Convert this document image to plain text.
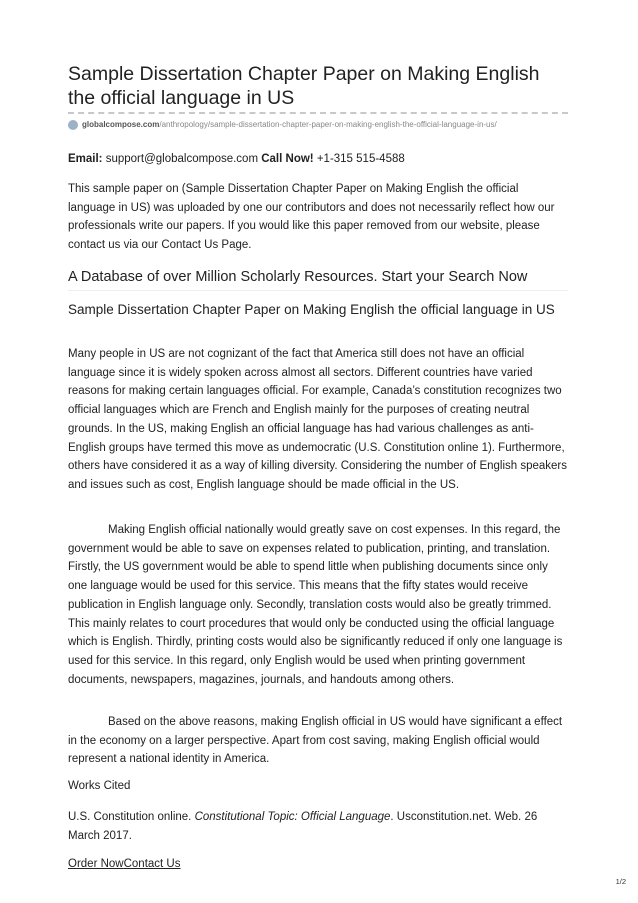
Sample Dissertation Chapter Paper on Making English the official language in US
globalcompose.com /anthropology/sample-dissertation-chapter-paper-on-making-english-the-official-language-in-us/
Email: support@globalcompose.com Call Now! +1-315 515-4588

This sample paper on (Sample Dissertation Chapter Paper on Making English the official language in US) was uploaded by one our contributors and does not necessarily reflect how our professionals write our papers. If you would like this paper removed from our website, please contact us via our Contact Us Page.

A Database of over Million Scholarly Resources. Start your Search Now
Sample Dissertation Chapter Paper on Making English the official language in US

Many people in US are not cognizant of the fact that America still does not have an official language since it is widely spoken across almost all sectors. Different countries have varied reasons for making certain languages official. For example, Canada’s constitution recognizes two official languages which are French and English mainly for the purposes of creating neutral grounds. In the US, making English an official language has had various challenges as anti-English groups have termed this move as undemocratic (U.S. Constitution online 1). Furthermore, others have considered it as a way of killing diversity. Considering the number of English speakers and issues such as cost, English language should be made official in the US.

Making English official nationally would greatly save on cost expenses. In this regard, the government would be able to save on expenses related to publication, printing, and translation. Firstly, the US government would be able to spend little when publishing documents since only one language would be used for this service. This means that the fifty states would receive publication in English language only. Secondly, translation costs would also be greatly trimmed. This mainly relates to court procedures that would only be conducted using the official language which is English. Thirdly, printing costs would also be significantly reduced if only one language is used for this service. In this regard, only English would be used when printing government documents, newspapers, magazines, journals, and handouts among others.

Based on the above reasons, making English official in US would have significant a effect in the economy on a larger perspective. Apart from cost saving, making English official would represent a national identity in America.

Works Cited

U.S. Constitution online. Constitutional Topic: Official Language. Usconstitution.net. Web. 26 March 2017.

Order NowContact Us
1/2
